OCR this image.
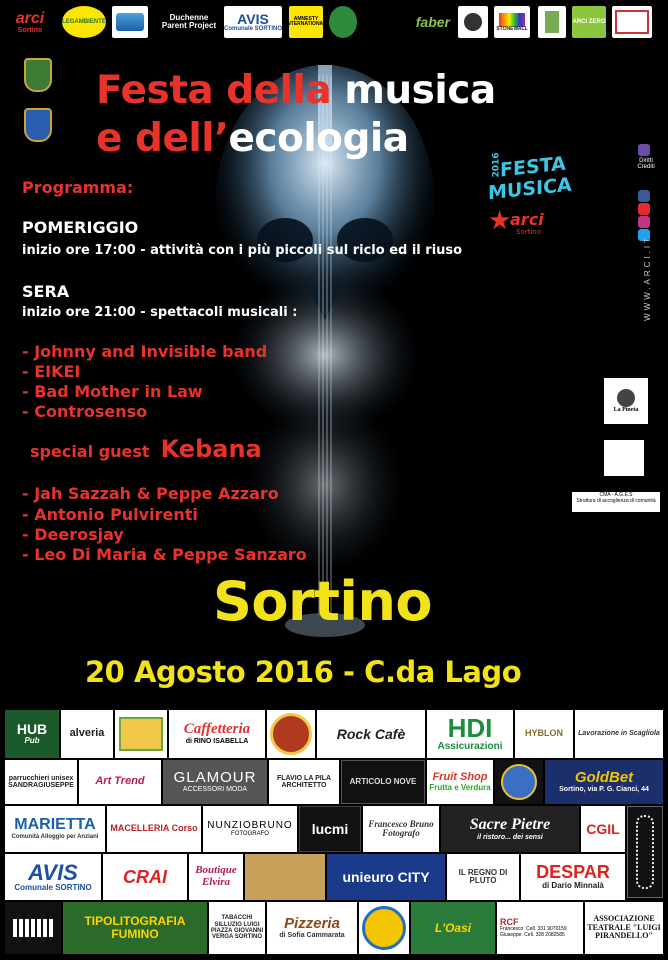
arci
Sortino
LEGAMBIENTE	Duchenne Parent Project AVIS
Comunale SORTINO
AMNESTY INTERNATIONAL	faber	STONEWALL
ARCI ZERO
Festa della musica
e dell’ecologia
2016
FESTA
MUSICA
★
arci
Sortino
Programma:
POMERIGGIO
inizio ore 17:00 - attività con i più piccoli sul riclo ed il riuso
SERA
inizio ore 21:00 - spettacoli musicali :
- Johnny and Invisible band
- EIKEI
- Bad Mother in Law
- Controsenso
special guest Kebana
- Jah Sazzah & Peppe Azzaro
- Antonio Pulvirenti
- Deerosjay
- Leo Di Maria & Peppe Sanzaro
Diritti Crediti
WWW.ARCI.IT
La Pineta
CMA - A.G.E.S
Struttura di accoglienza di comunità
Sortino
20 Agosto 2016 - C.da Lago
HUB
Pub
alveria	Caffetteria
di RINO ISABELLA
Rock Cafè	HDI
Assicurazioni
HYBLON	Lavorazione in Scagliola
parrucchieri unisex SANDRAGIUSEPPE	Art Trend	GLAMOUR
ACCESSORI MODA
FLAVIO LA PILA ARCHITETTO	ARTICOLO NOVE	Fruit Shop
Frutta e Verdura
GoldBet
Sortino, via P. G. Cianci, 44
MARIETTA
Comunità Alloggio per Anziani
MACELLERIA Corso NUNZIOBRUNO
FOTOGRAFO	lucmi	Francesco Bruno Fotografo
Sacre Pietre
il ristoro... dei sensi
CGIL
AVIS
Comunale SORTINO
CRAI	Boutique Elvira	unieuro CITY	IL REGNO DI PLUTO	DESPAR
di Dario Minnalà
TIPOLITOGRAFIA FUMINO
TABACCHI SILLUZIO LUIGI PIAZZA GIOVANNI VERGA SORTINO
Pizzeria
di Sofia Cammarata
L'Oasi	RCF
Francesco: Cell. 331 9070159
Giuseppe: Cell. 328 2082585
ASSOCIAZIONE TEATRALE "LUIGI PIRANDELLO"
